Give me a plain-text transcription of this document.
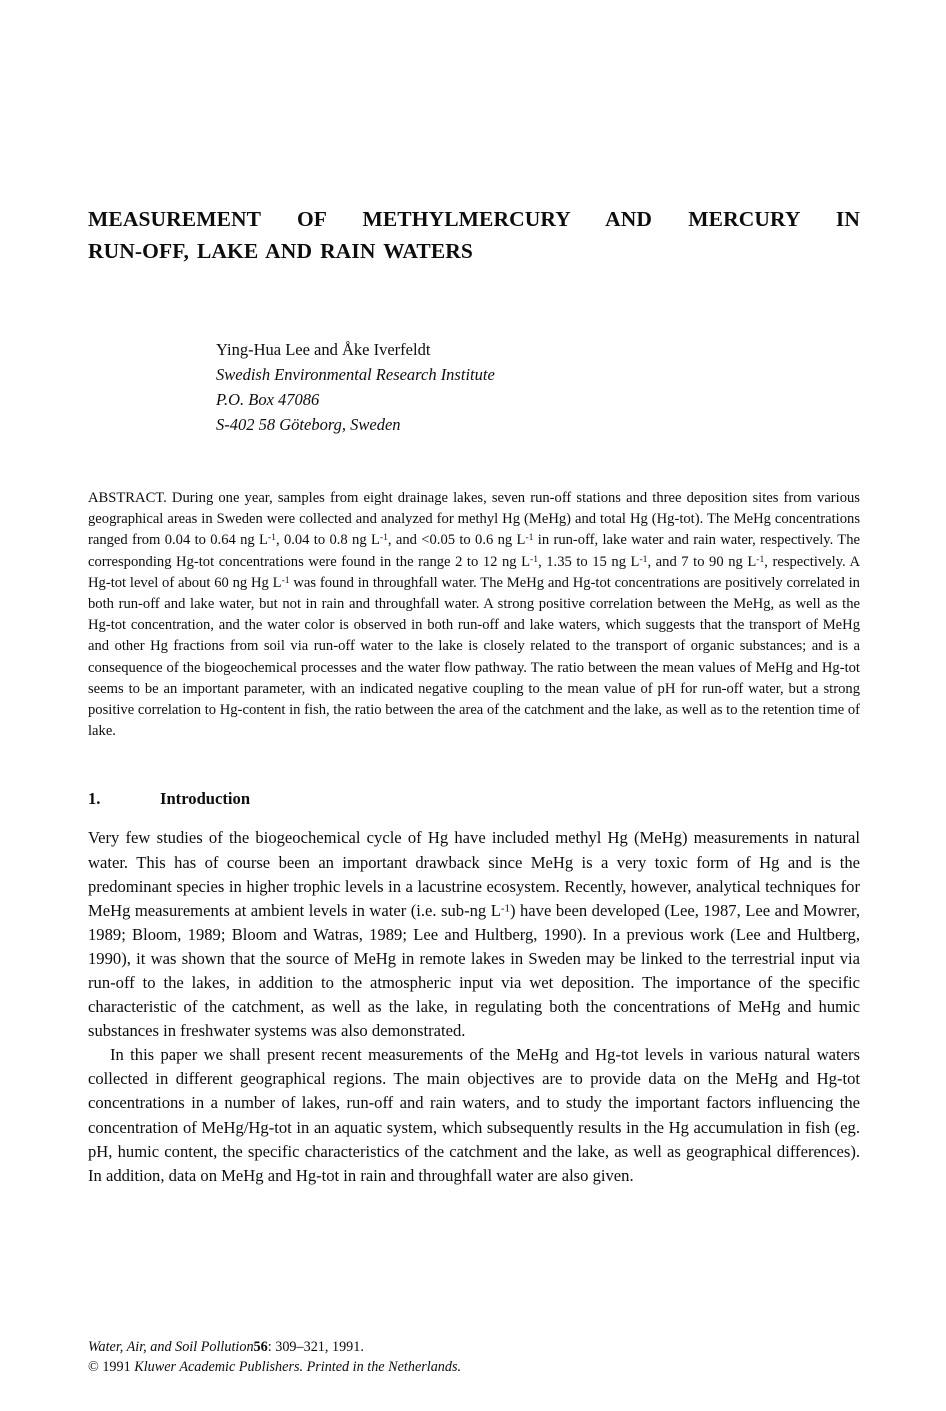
MEASUREMENT OF METHYLMERCURY AND MERCURY IN
RUN-OFF, LAKE AND RAIN WATERS
Ying-Hua Lee and Åke Iverfeldt
Swedish Environmental Research Institute
P.O. Box 47086
S-402 58 Göteborg, Sweden

ABSTRACT. During one year, samples from eight drainage lakes, seven run-off stations and three deposition sites from various geographical areas in Sweden were collected and analyzed for methyl Hg (MeHg) and total Hg (Hg-tot). The MeHg concentrations ranged from 0.04 to 0.64 ng $L^{-1}$, 0.04 to 0.8 ng $L^{-1}$, and <0.05 to 0.6 ng $L^{-1}$ in run-off, lake water and rain water, respectively. The corresponding Hg-tot concentrations were found in the range 2 to 12 ng $L^{-1}$, 1.35 to 15 ng $L^{-1}$, and 7 to 90 ng $L^{-1}$, respectively. A Hg-tot level of about 60 ng Hg $L^{-1}$ was found in throughfall water. The MeHg and Hg-tot concentrations are positively correlated in both run-off and lake water, but not in rain and throughfall water. A strong positive correlation between the MeHg, as well as the Hg-tot concentration, and the water color is observed in both run-off and lake waters, which suggests that the transport of MeHg and other Hg fractions from soil via run-off water to the lake is closely related to the transport of organic substances; and is a consequence of the biogeochemical processes and the water flow pathway. The ratio between the mean values of MeHg and Hg-tot seems to be an important parameter, with an indicated negative coupling to the mean value of pH for run-off water, but a strong positive correlation to Hg-content in fish, the ratio between the area of the catchment and the lake, as well as to the retention time of lake.

1.	Introduction

Very few studies of the biogeochemical cycle of Hg have included methyl Hg (MeHg) measurements in natural water. This has of course been an important drawback since MeHg is a very toxic form of Hg and is the predominant species in higher trophic levels in a lacustrine ecosystem. Recently, however, analytical techniques for MeHg measurements at ambient levels in water (i.e. sub-ng $L^{-1}$) have been developed (Lee, 1987, Lee and Mowrer, 1989; Bloom, 1989; Bloom and Watras, 1989; Lee and Hultberg, 1990). In a previous work (Lee and Hultberg, 1990), it was shown that the source of MeHg in remote lakes in Sweden may be linked to the terrestrial input via run-off to the lakes, in addition to the atmospheric input via wet deposition. The importance of the specific characteristic of the catchment, as well as the lake, in regulating both the concentrations of MeHg and humic substances in freshwater systems was also demonstrated.

In this paper we shall present recent measurements of the MeHg and Hg-tot levels in various natural waters collected in different geographical regions. The main objectives are to provide data on the MeHg and Hg-tot concentrations in a number of lakes, run-off and rain waters, and to study the important factors influencing the concentration of MeHg/Hg-tot in an aquatic system, which subsequently results in the Hg accumulation in fish (eg. pH, humic content, the specific characteristics of the catchment and the lake, as well as geographical differences). In addition, data on MeHg and Hg-tot in rain and throughfall water are also given.

Water, Air, and Soil Pollution56: 309–321, 1991.
© 1991 Kluwer Academic Publishers. Printed in the Netherlands.
